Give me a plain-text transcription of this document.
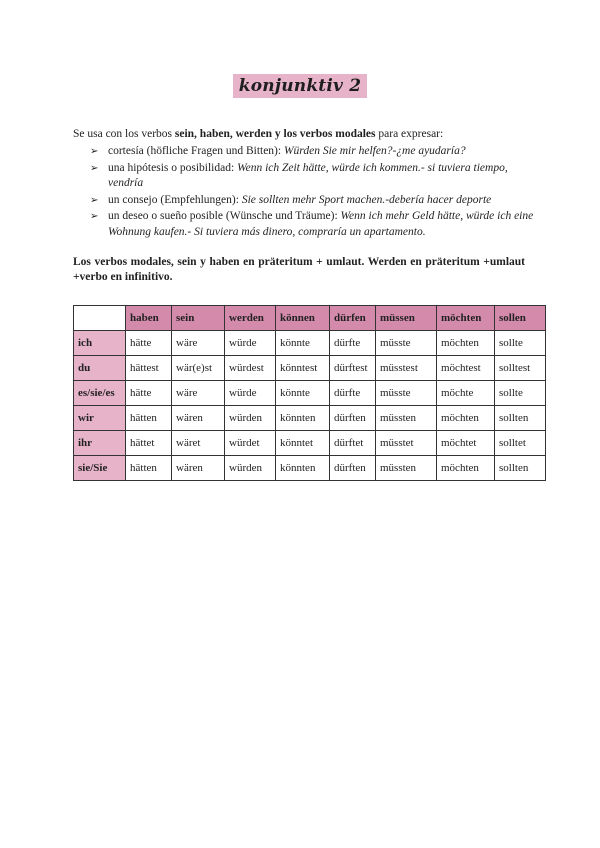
konjunktiv 2
Se usa con los verbos sein, haben, werden y los verbos modales para expresar:
➢ cortesía (höfliche Fragen und Bitten): Würden Sie mir helfen?-¿me ayudaría?
➢ una hipótesis o posibilidad: Wenn ich Zeit hätte, würde ich kommen.- si tuviera tiempo, vendría
➢ un consejo (Empfehlungen): Sie sollten mehr Sport machen.-debería hacer deporte
➢ un deseo o sueño posible (Wünsche und Träume): Wenn ich mehr Geld hätte, würde ich eine Wohnung kaufen.- Si tuviera más dinero, compraría un apartamento.
Los verbos modales, sein y haben en präteritum + umlaut. Werden en präteritum +umlaut +verbo en infinitivo.
	haben	sein	werden	können	dürfen	müssen	möchten	sollen
ich	hätte	wäre	würde	könnte	dürfte	müsste	möchten	sollte
du	hättest	wär(e)st	würdest	könntest	dürftest	müsstest	möchtest	solltest
es/sie/es	hätte	wäre	würde	könnte	dürfte	müsste	möchte	sollte
wir	hätten	wären	würden	könnten	dürften	müssten	möchten	sollten
ihr	hättet	wäret	würdet	könntet	dürftet	müsstet	möchtet	solltet
sie/Sie	hätten	wären	würden	könnten	dürften	müssten	möchten	sollten
